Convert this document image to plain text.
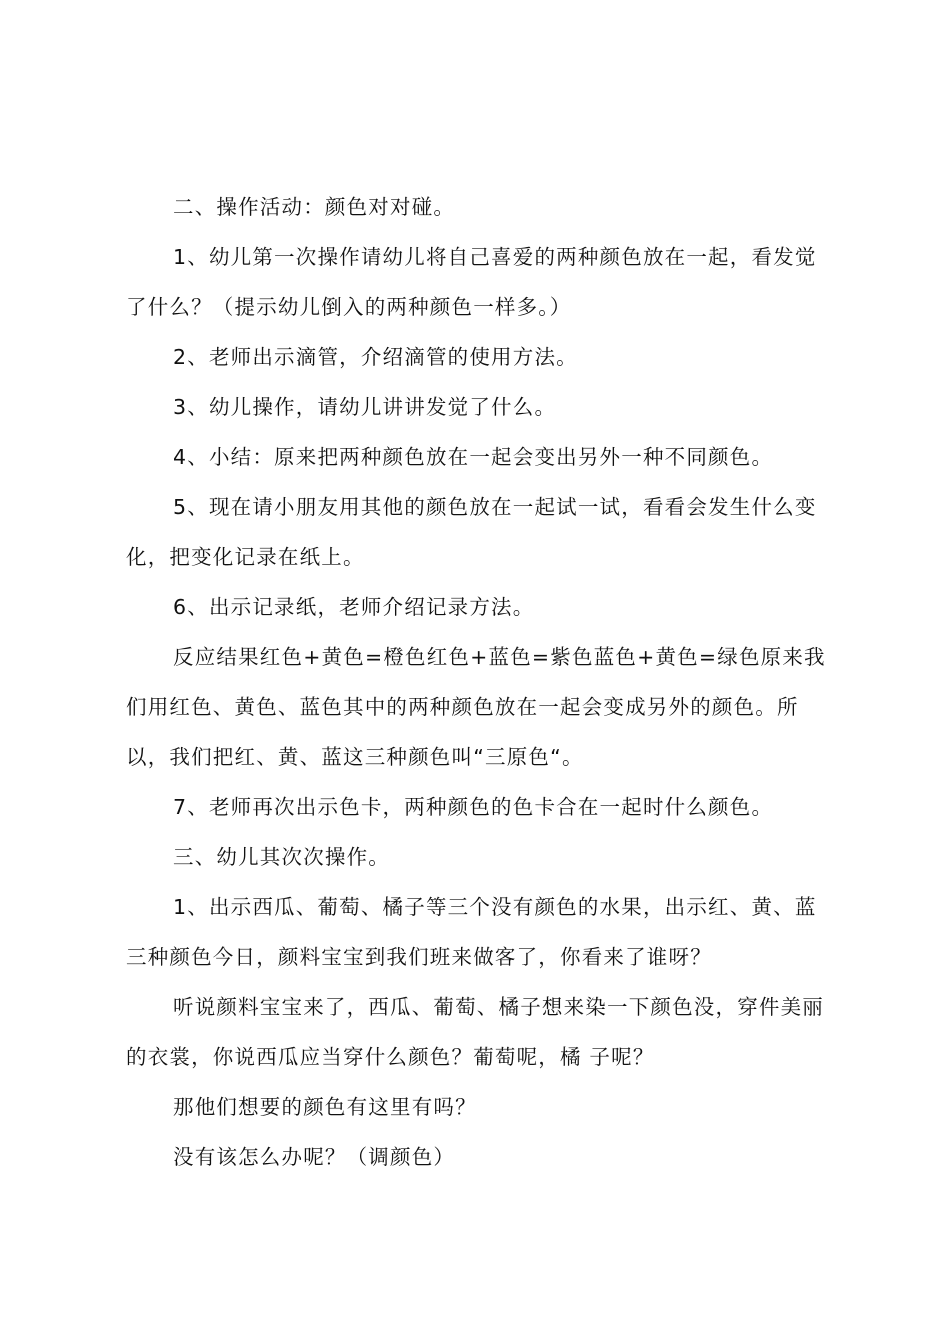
二、操作活动：颜色对对碰。

1、幼儿第一次操作请幼儿将自己喜爱的两种颜色放在一起，看发觉了什么？（提示幼儿倒入的两种颜色一样多。）

2、老师出示滴管，介绍滴管的使用方法。

3、幼儿操作，请幼儿讲讲发觉了什么。

4、小结：原来把两种颜色放在一起会变出另外一种不同颜色。

5、现在请小朋友用其他的颜色放在一起试一试，看看会发生什么变化，把变化记录在纸上。

6、出示记录纸，老师介绍记录方法。

反应结果红色+黄色=橙色红色+蓝色=紫色蓝色+黄色=绿色原来我们用红色、黄色、蓝色其中的两种颜色放在一起会变成另外的颜色。所以，我们把红、黄、蓝这三种颜色叫“三原色“。

7、老师再次出示色卡，两种颜色的色卡合在一起时什么颜色。

三、幼儿其次次操作。

1、出示西瓜、葡萄、橘子等三个没有颜色的水果，出示红、黄、蓝三种颜色今日，颜料宝宝到我们班来做客了，你看来了谁呀？

听说颜料宝宝来了，西瓜、葡萄、橘子想来染一下颜色没，穿件美丽的衣裳，你说西瓜应当穿什么颜色？葡萄呢，橘 子呢？

那他们想要的颜色有这里有吗？

没有该怎么办呢？（调颜色）
